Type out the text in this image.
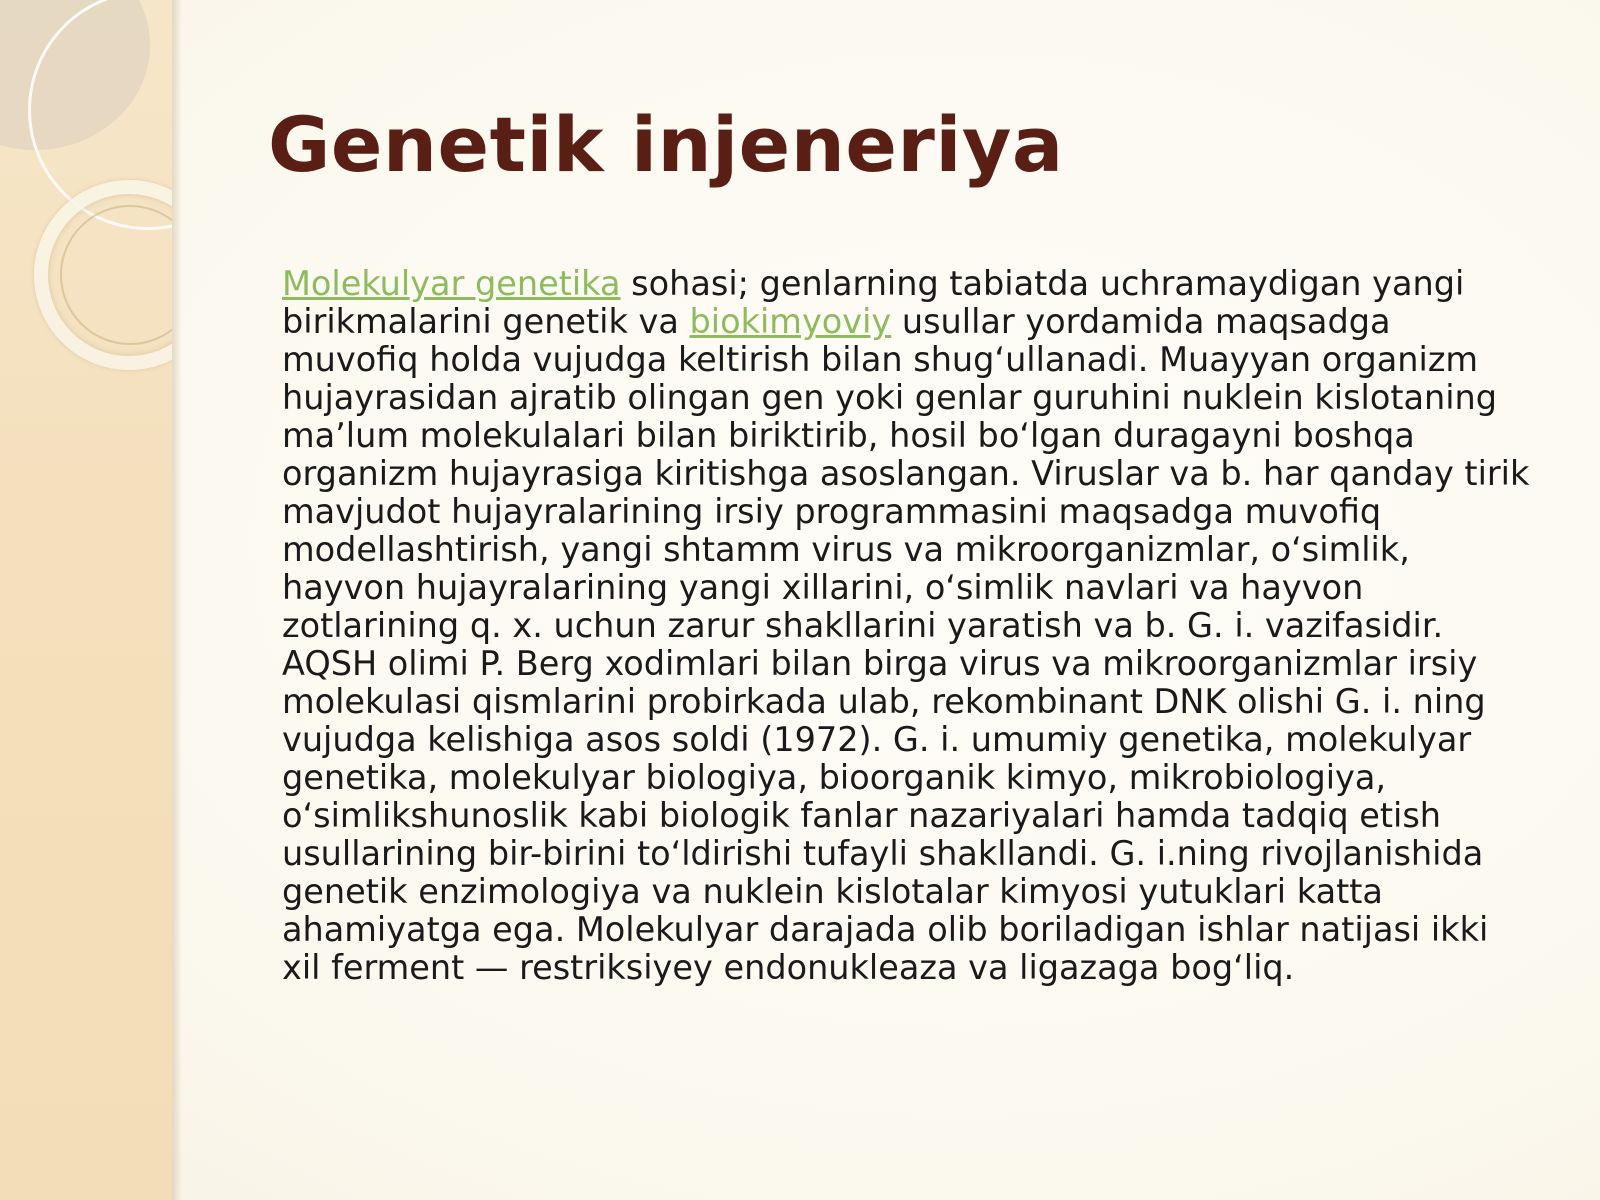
Genetik injeneriya

Molekulyar genetika sohasi; genlarning tabiatda uchramaydigan yangi birikmalarini genetik va biokimyoviy usullar yordamida maqsadga muvofiq holda vujudga keltirish bilan shugʻullanadi. Muayyan organizm hujayrasidan ajratib olingan gen yoki genlar guruhini nuklein kislotaning maʼlum molekulalari bilan biriktirib, hosil boʻlgan duragayni boshqa organizm hujayrasiga kiritishga asoslangan. Viruslar va b. har qanday tirik mavjudot hujayralarining irsiy programmasini maqsadga muvofiq modellashtirish, yangi shtamm virus va mikroorganizmlar, oʻsimlik, hayvon hujayralarining yangi xillarini, oʻsimlik navlari va hayvon zotlarining q. x. uchun zarur shakllarini yaratish va b. G. i. vazifasidir. AQSH olimi P. Berg xodimlari bilan birga virus va mikroorganizmlar irsiy molekulasi qismlarini probirkada ulab, rekombinant DNK olishi G. i. ning vujudga kelishiga asos soldi (1972). G. i. umumiy genetika, molekulyar genetika, molekulyar biologiya, bioorganik kimyo, mikrobiologiya, oʻsimlikshunoslik kabi biologik fanlar nazariyalari hamda tadqiq etish usullarining bir-birini toʻldirishi tufayli shakllandi. G. i.ning rivojlanishida genetik enzimologiya va nuklein kislotalar kimyosi yutuklari katta ahamiyatga ega. Molekulyar darajada olib boriladigan ishlar natijasi ikki xil ferment — restriksiyey endonukleaza va ligazaga bogʻliq.
